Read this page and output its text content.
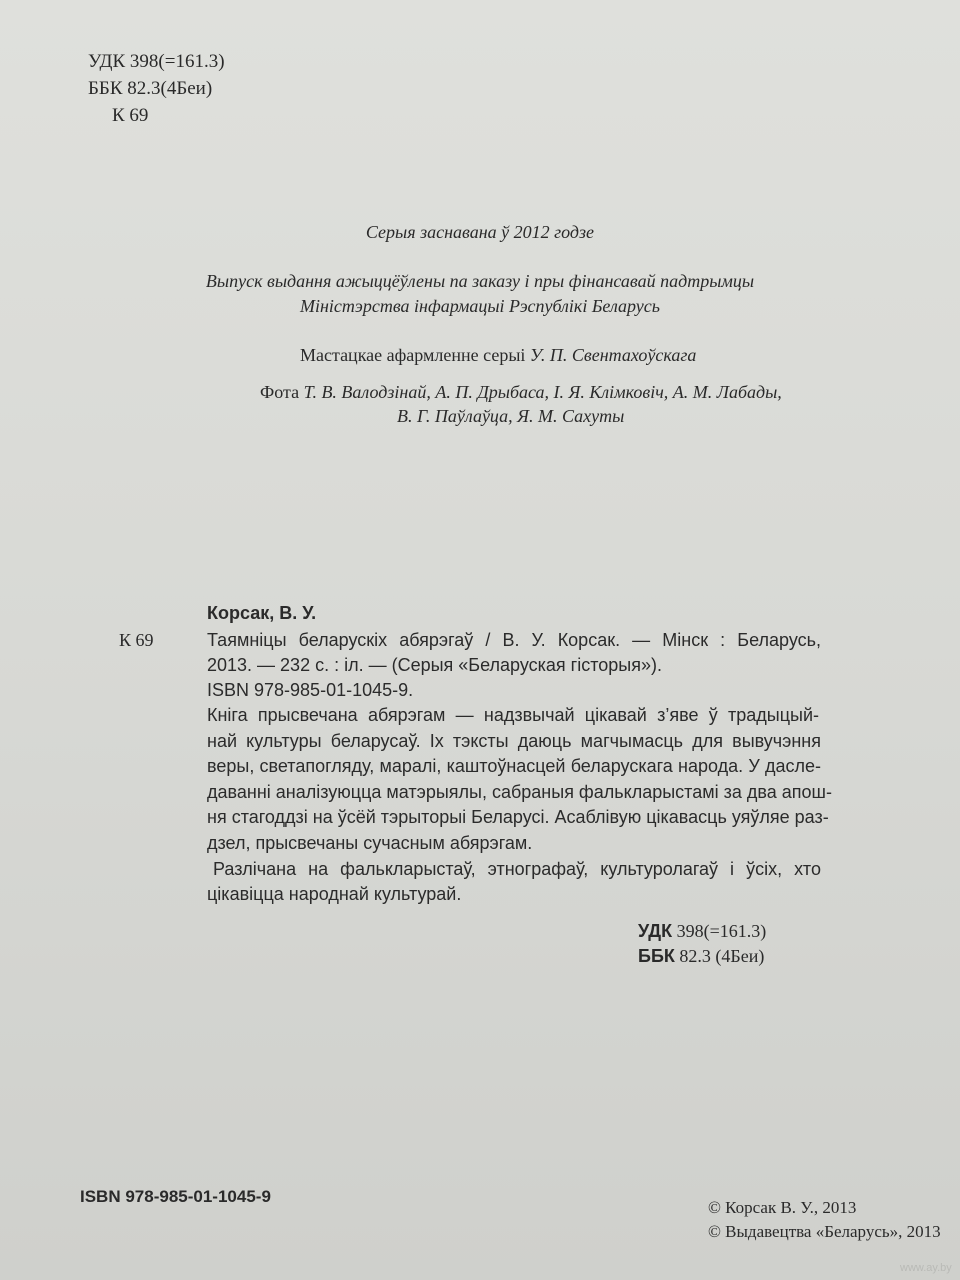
УДК 398(=161.3)
ББК 82.3(4Беи)
К 69
Серыя заснавана ў 2012 годзе
Выпуск выдання ажыццёўлены па заказу і пры фінансавай падтрымцы
Міністэрства інфармацыі Рэспублікі Беларусь
Мастацкае афармленне серыі У. П. Свентахоўскага
Фота Т. В. Валодзінай, А. П. Дрыбаса, І. Я. Клімковіч, А. М. Лабады,
В. Г. Паўлаўца, Я. М. Сахуты
Корсак, В. У.
К 69	Таямніцы беларускіх абярэгаў / В. У. Корсак. — Мінск : Беларусь,
2013. — 232 с. : іл. — (Серыя «Беларуская гісторыя»).
ISBN 978-985-01-1045-9.
Кніга прысвечана абярэгам — надзвычай цікавай з’яве ў традыцый-
най культуры беларусаў. Іх тэксты даюць магчымасць для вывучэння
веры, светапогляду, маралі, каштоўнасцей беларускага народа. У дасле-
даванні аналізуюцца матэрыялы, сабраныя фалькларыстамі за два апош-
ня стагоддзі на ўсёй тэрыторыі Беларусі. Асаблівую цікавасць уяўляе раз-
дзел, прысвечаны сучасным абярэгам.
Разлічана на фалькларыстаў, этнографаў, культуролагаў і ўсіх, хто
цікавіцца народнай культурай.
УДК 398(=161.3)
ББК 82.3 (4Беи)
ISBN 978-985-01-1045-9
© Корсак В. У., 2013
© Выдавецтва «Беларусь», 2013
www.ay.by
